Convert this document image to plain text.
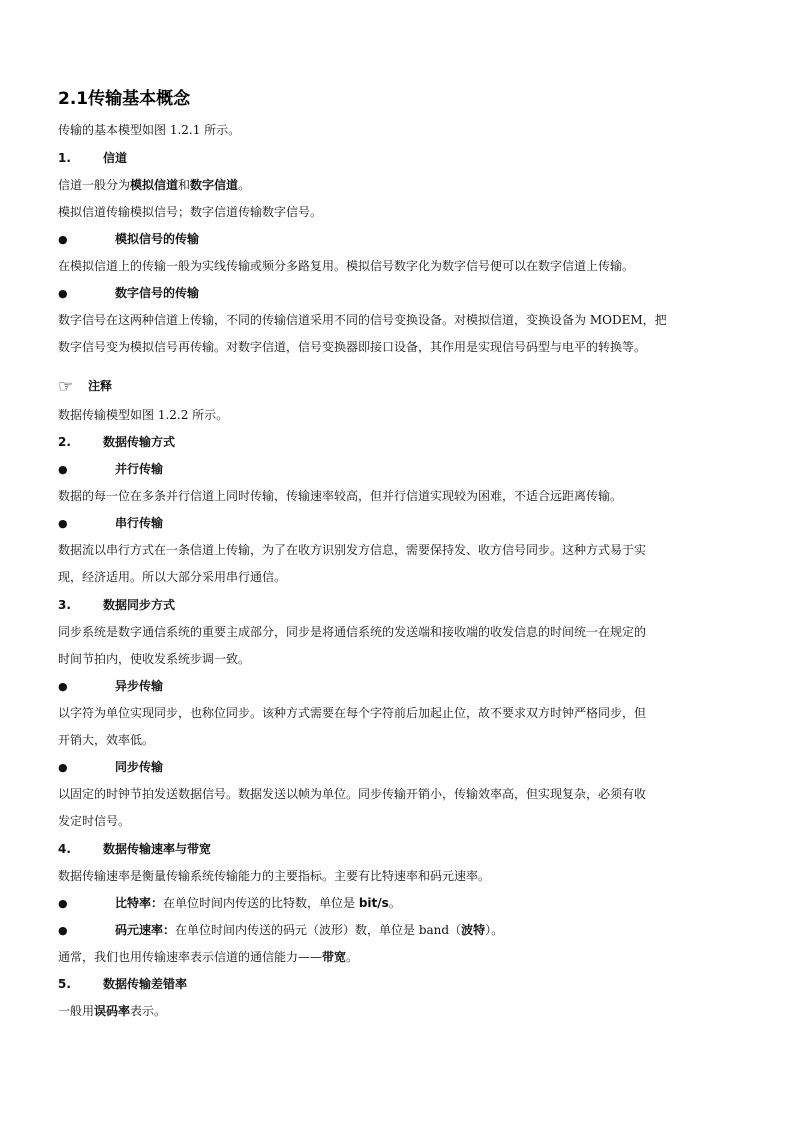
2.1传输基本概念
传输的基本模型如图 1.2.1 所示。
1.	信道
信道一般分为模拟信道和数字信道。
模拟信道传输模拟信号；数字信道传输数字信号。
●	模拟信号的传输
在模拟信道上的传输一般为实线传输或频分多路复用。模拟信号数字化为数字信号便可以在数字信道上传输。
●	数字信号的传输
数字信号在这两种信道上传输，不同的传输信道采用不同的信号变换设备。对模拟信道，变换设备为 MODEM，把
数字信号变为模拟信号再传输。对数字信道，信号变换器即接口设备，其作用是实现信号码型与电平的转换等。
☞ 注释
数据传输模型如图 1.2.2 所示。
2.	数据传输方式
●	并行传输
数据的每一位在多条并行信道上同时传输，传输速率较高，但并行信道实现较为困难，不适合远距离传输。
●	串行传输
数据流以串行方式在一条信道上传输，为了在收方识别发方信息，需要保持发、收方信号同步。这种方式易于实
现，经济适用。所以大部分采用串行通信。
3.	数据同步方式
同步系统是数字通信系统的重要主成部分，同步是将通信系统的发送端和接收端的收发信息的时间统一在规定的
时间节拍内，使收发系统步调一致。
●	异步传输
以字符为单位实现同步，也称位同步。该种方式需要在每个字符前后加起止位，故不要求双方时钟严格同步，但
开销大，效率低。
●	同步传输
以固定的时钟节拍发送数据信号。数据发送以帧为单位。同步传输开销小，传输效率高，但实现复杂，必须有收
发定时信号。
4.	数据传输速率与带宽
数据传输速率是衡量传输系统传输能力的主要指标。主要有比特速率和码元速率。
●	比特率：在单位时间内传送的比特数，单位是 bit/s。
●	码元速率：在单位时间内传送的码元（波形）数，单位是 band（波特）。
通常，我们也用传输速率表示信道的通信能力——带宽。
5.	数据传输差错率
一般用误码率表示。
